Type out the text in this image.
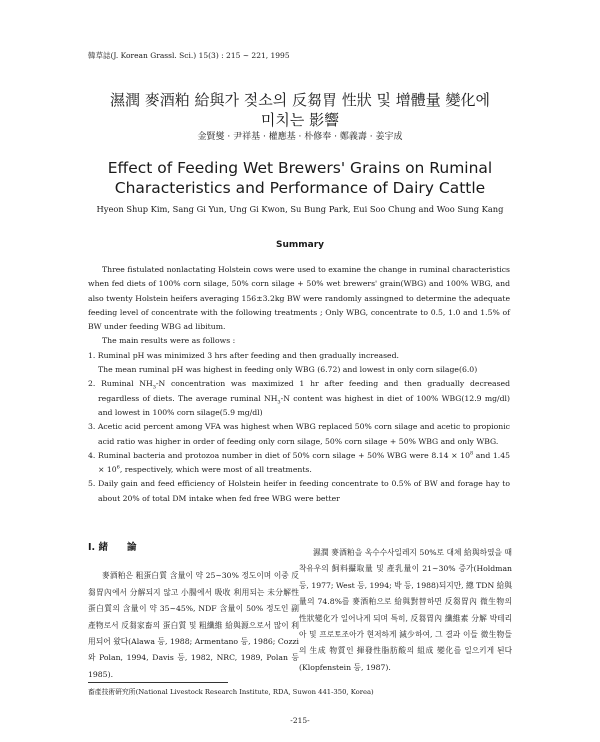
韓草誌(J. Korean Grassl. Sci.) 15(3) : 215 ~ 221, 1995
濕潤 麥酒粕 給與가 젖소의 反芻胃 性狀 및 增體量 變化에
미치는 影響
金賢燮 · 尹祥基 · 權應基 · 朴修奉 · 鄭義壽 · 姜宇成
Effect of Feeding Wet Brewers' Grains on Ruminal
Characteristics and Performance of Dairy Cattle
Hyeon Shup Kim, Sang Gi Yun, Ung Gi Kwon, Su Bung Park, Eui Soo Chung and Woo Sung Kang
Summary

Three fistulated nonlactating Holstein cows were used to examine the change in ruminal characteristics when fed diets of 100% corn silage, 50% corn silage + 50% wet brewers' grain(WBG) and 100% WBG, and also twenty Holstein heifers averaging 156±3.2kg BW were randomly assingned to determine the adequate feeding level of concentrate with the following treatments ; Only WBG, concentrate to 0.5, 1.0 and 1.5% of BW under feeding WBG ad libitum.

The main results were as follows :

1. Ruminal pH was minimized 3 hrs after feeding and then gradually increased.

The mean ruminal pH was highest in feeding only WBG (6.72) and lowest in only corn silage(6.0)

2. Ruminal $NH_3-N$ concentration was maximized 1 hr after feeding and then gradually decreased regardless of diets. The average ruminal $NH_3-N$ content was highest in diet of 100% WBG(12.9 mg/dl) and lowest in 100% corn silage(5.9 mg/dl)

3. Acetic acid percent among VFA was highest when WBG replaced 50% corn silage and acetic to propionic acid ratio was higher in order of feeding only corn silage, 50% corn silage + 50% WBG and only WBG.

4. Ruminal bacteria and protozoa number in diet of 50% corn silage + 50% WBG were $8.14 \times 10^8$ and $1.45 \times 10^6$, respectively, which were most of all treatments.

5. Daily gain and feed efficiency of Holstein heifer in feeding concentrate to 0.5% of BW and forage hay to about 20% of total DM intake when fed free WBG were better

I. 緒　　論

麥酒粕은 粗蛋白質 含量이 약 25~30% 정도이며 이중 反芻胃內에서 分解되지 않고 小腸에서 吸收 利用되는 未分解性 蛋白質의 含量이 약 35~45%, NDF 含量이 50% 정도인 副產物로서 反芻家畜의 蛋白質 및 粗纖維 給與源으로서 많이 利用되어 왔다(Alawa 등, 1988; Armentano 등, 1986; Cozzi와 Polan, 1994, Davis 등, 1982, NRC, 1989, Polan 등 1985).

濕潤 麥酒粕을 옥수수사일레지 50%로 대체 給與하였을 때 착유우의 飼料攝取量 및 產乳量이 21~30% 증가(Holdman 등, 1977; West 등, 1994; 박 등, 1988)되지만, 總 TDN 給與量의 74.8%를 麥酒粕으로 給與對替하면 反芻胃內 微生物의 性狀變化가 일어나게 되며 특히, 反芻胃內 纖維素 分解 박테리아 및 프로토조아가 현저하게 減少하여, 그 결과 이들 微生物들의 生成 物質인 揮發性脂肪酸의 組成 變化를 일으키게 된다(Klopfenstein 등, 1987).

畜產技術硏究所(National Livestock Research Institute, RDA, Suwon 441-350, Korea)
-215-
